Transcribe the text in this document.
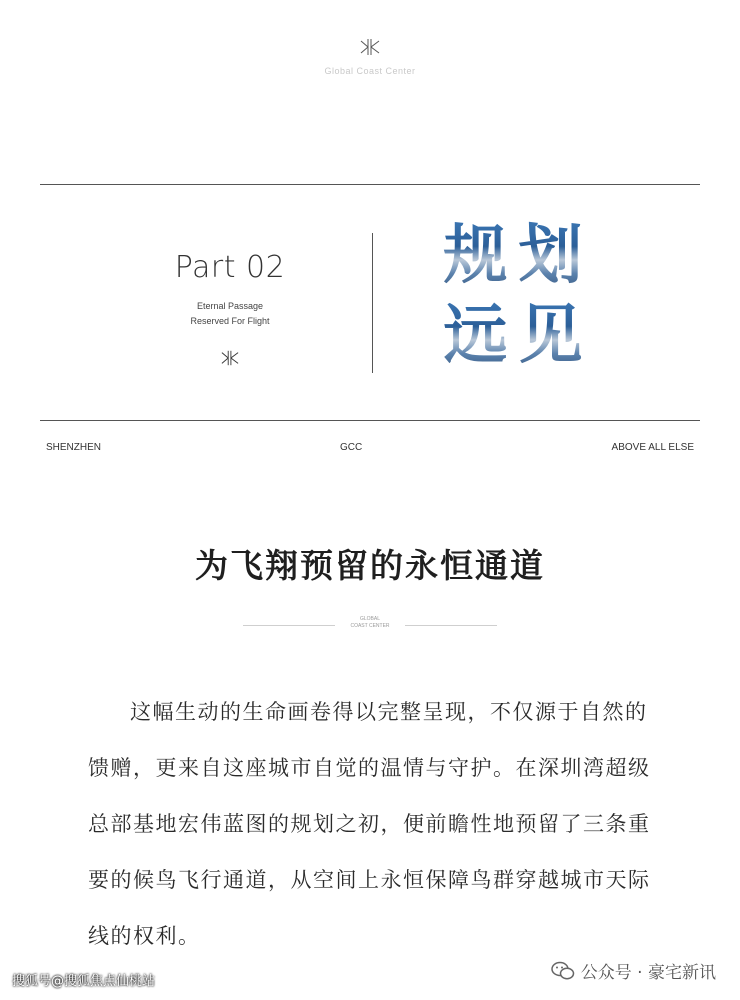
Global Coast Center
Part 02
Eternal Passage
Reserved For Flight
规 划
远 见
SHENZHEN	GCC	ABOVE ALL ELSE
为飞翔预留的永恒通道
GLOBAL
COAST CENTER

这幅生动的生命画卷得以完整呈现，不仅源于自然的馈赠，更来自这座城市自觉的温情与守护。在深圳湾超级总部基地宏伟蓝图的规划之初，便前瞻性地预留了三条重要的候鸟飞行通道，从空间上永恒保障鸟群穿越城市天际线的权利。

搜狐号@搜狐焦点仙桃站	公众号 · 豪宅新讯
